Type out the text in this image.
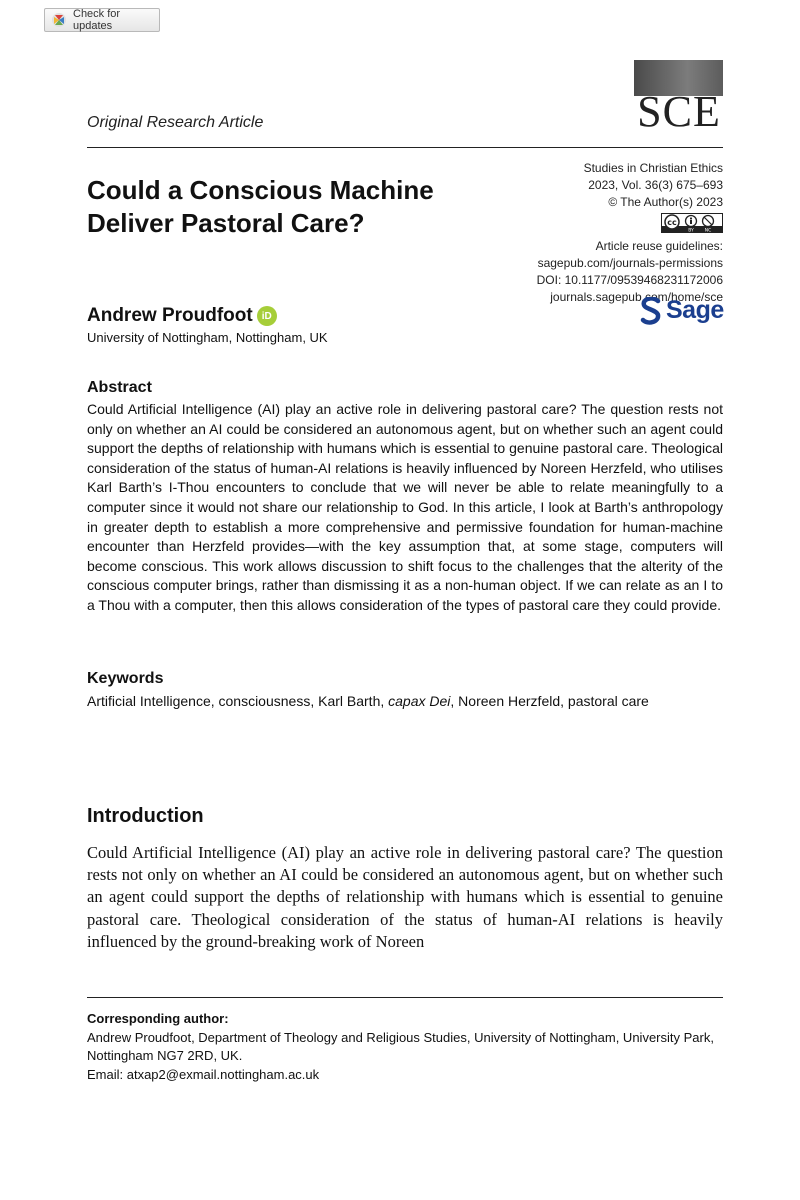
Check for updates
SCE
Original Research Article
Could a Conscious Machine Deliver Pastoral Care?
Studies in Christian Ethics
2023, Vol. 36(3) 675–693
© The Author(s) 2023
cc
BY NC
Article reuse guidelines:
sagepub.com/journals-permissions
DOI: 10.1177/09539468231172006
journals.sagepub.com/home/sce
Sage
Andrew Proudfoot iD
University of Nottingham, Nottingham, UK
Abstract
Could Artificial Intelligence (AI) play an active role in delivering pastoral care? The question rests not only on whether an AI could be considered an autonomous agent, but on whether such an agent could support the depths of relationship with humans which is essential to genuine pastoral care. Theological consideration of the status of human-AI relations is heavily influenced by Noreen Herzfeld, who utilises Karl Barth’s I-Thou encounters to conclude that we will never be able to relate meaningfully to a computer since it would not share our relationship to God. In this article, I look at Barth’s anthropology in greater depth to establish a more comprehensive and permissive foundation for human-machine encounter than Herzfeld provides—with the key assumption that, at some stage, computers will become conscious. This work allows discussion to shift focus to the challenges that the alterity of the conscious computer brings, rather than dismissing it as a non-human object. If we can relate as an I to a Thou with a computer, then this allows consideration of the types of pastoral care they could provide.
Keywords
Artificial Intelligence, consciousness, Karl Barth, capax Dei, Noreen Herzfeld, pastoral care
Introduction
Could Artificial Intelligence (AI) play an active role in delivering pastoral care? The question rests not only on whether an AI could be considered an autonomous agent, but on whether such an agent could support the depths of relationship with humans which is essential to genuine pastoral care. Theological consideration of the status of human-AI relations is heavily influenced by the ground-breaking work of Noreen
Corresponding author:
Andrew Proudfoot, Department of Theology and Religious Studies, University of Nottingham, University Park, Nottingham NG7 2RD, UK.
Email: atxap2@exmail.nottingham.ac.uk
